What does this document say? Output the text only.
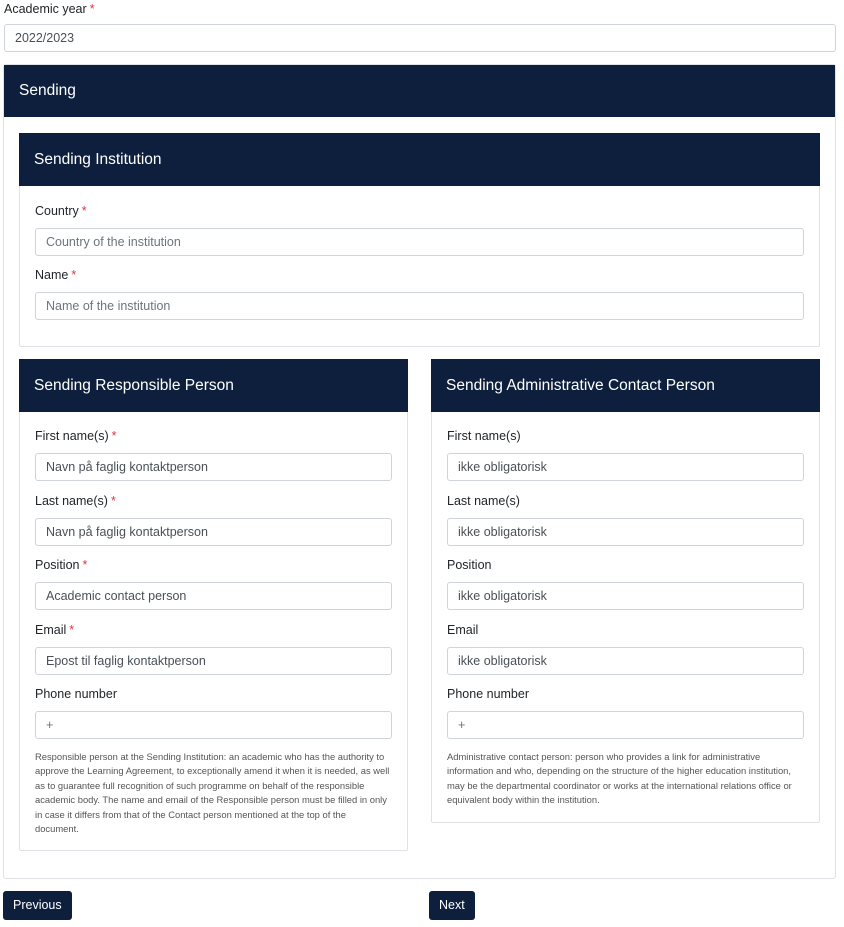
Academic year *
2022/2023
Sending
Sending Institution
Country *
Country of the institution
Name *
Name of the institution
Sending Responsible Person
First name(s) *
Navn på faglig kontaktperson
Last name(s) *
Navn på faglig kontaktperson
Position *
Academic contact person
Email *
Epost til faglig kontaktperson
Phone number
+

Responsible person at the Sending Institution: an academic who has the authority to approve the Learning Agreement, to exceptionally amend it when it is needed, as well as to guarantee full recognition of such programme on behalf of the responsible academic body. The name and email of the Responsible person must be filled in only in case it differs from that of the Contact person mentioned at the top of the document.

Sending Administrative Contact Person
First name(s)
ikke obligatorisk
Last name(s)
ikke obligatorisk
Position
ikke obligatorisk
Email
ikke obligatorisk
Phone number
+

Administrative contact person: person who provides a link for administrative information and who, depending on the structure of the higher education institution, may be the departmental coordinator or works at the international relations office or equivalent body within the institution.

Previous	Next
